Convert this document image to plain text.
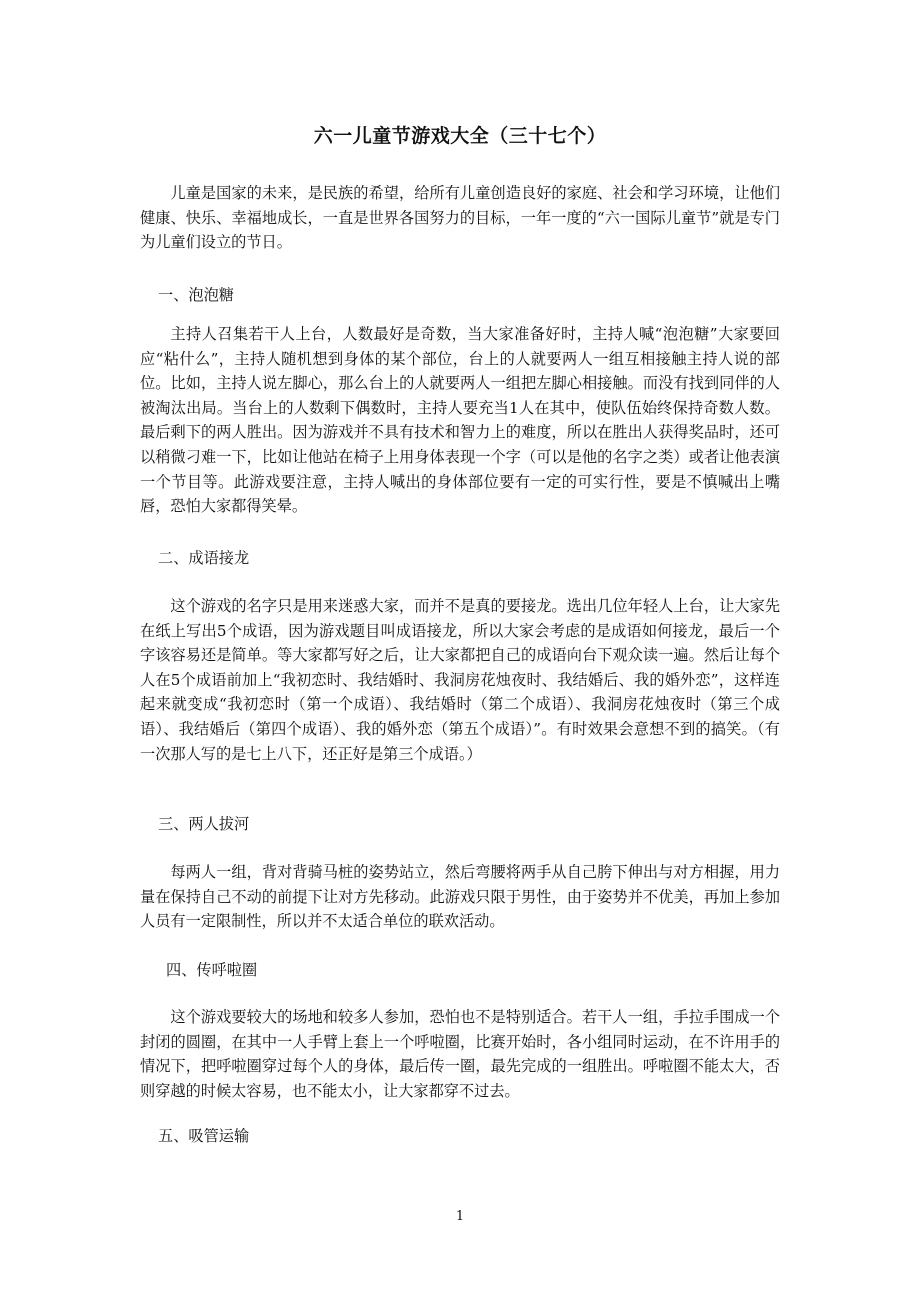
六一儿童节游戏大全（三十七个）

儿童是国家的未来，是民族的希望，给所有儿童创造良好的家庭、社会和学习环境，让他们健康、快乐、幸福地成长，一直是世界各国努力的目标，一年一度的“六一国际儿童节”就是专门为儿童们设立的节日。

一、泡泡糖

主持人召集若干人上台，人数最好是奇数，当大家准备好时，主持人喊“泡泡糖”大家要回应“粘什么”，主持人随机想到身体的某个部位，台上的人就要两人一组互相接触主持人说的部位。比如，主持人说左脚心，那么台上的人就要两人一组把左脚心相接触。而没有找到同伴的人被淘汰出局。当台上的人数剩下偶数时，主持人要充当1人在其中，使队伍始终保持奇数人数。最后剩下的两人胜出。因为游戏并不具有技术和智力上的难度，所以在胜出人获得奖品时，还可以稍微刁难一下，比如让他站在椅子上用身体表现一个字（可以是他的名字之类）或者让他表演一个节目等。此游戏要注意，主持人喊出的身体部位要有一定的可实行性，要是不慎喊出上嘴唇，恐怕大家都得笑晕。

二、成语接龙

这个游戏的名字只是用来迷惑大家，而并不是真的要接龙。选出几位年轻人上台，让大家先在纸上写出5个成语，因为游戏题目叫成语接龙，所以大家会考虑的是成语如何接龙，最后一个字该容易还是简单。等大家都写好之后，让大家都把自己的成语向台下观众读一遍。然后让每个人在5个成语前加上“我初恋时、我结婚时、我洞房花烛夜时、我结婚后、我的婚外恋”，这样连起来就变成“我初恋时（第一个成语）、我结婚时（第二个成语）、我洞房花烛夜时（第三个成语）、我结婚后（第四个成语）、我的婚外恋（第五个成语）”。有时效果会意想不到的搞笑。（有一次那人写的是七上八下，还正好是第三个成语。）

三、两人拔河

每两人一组，背对背骑马桩的姿势站立，然后弯腰将两手从自己胯下伸出与对方相握，用力量在保持自己不动的前提下让对方先移动。此游戏只限于男性，由于姿势并不优美，再加上参加人员有一定限制性，所以并不太适合单位的联欢活动。

四、传呼啦圈

这个游戏要较大的场地和较多人参加，恐怕也不是特别适合。若干人一组，手拉手围成一个封闭的圆圈，在其中一人手臂上套上一个呼啦圈，比赛开始时，各小组同时运动，在不许用手的情况下，把呼啦圈穿过每个人的身体，最后传一圈，最先完成的一组胜出。呼啦圈不能太大，否则穿越的时候太容易，也不能太小，让大家都穿不过去。

五、吸管运输

1
